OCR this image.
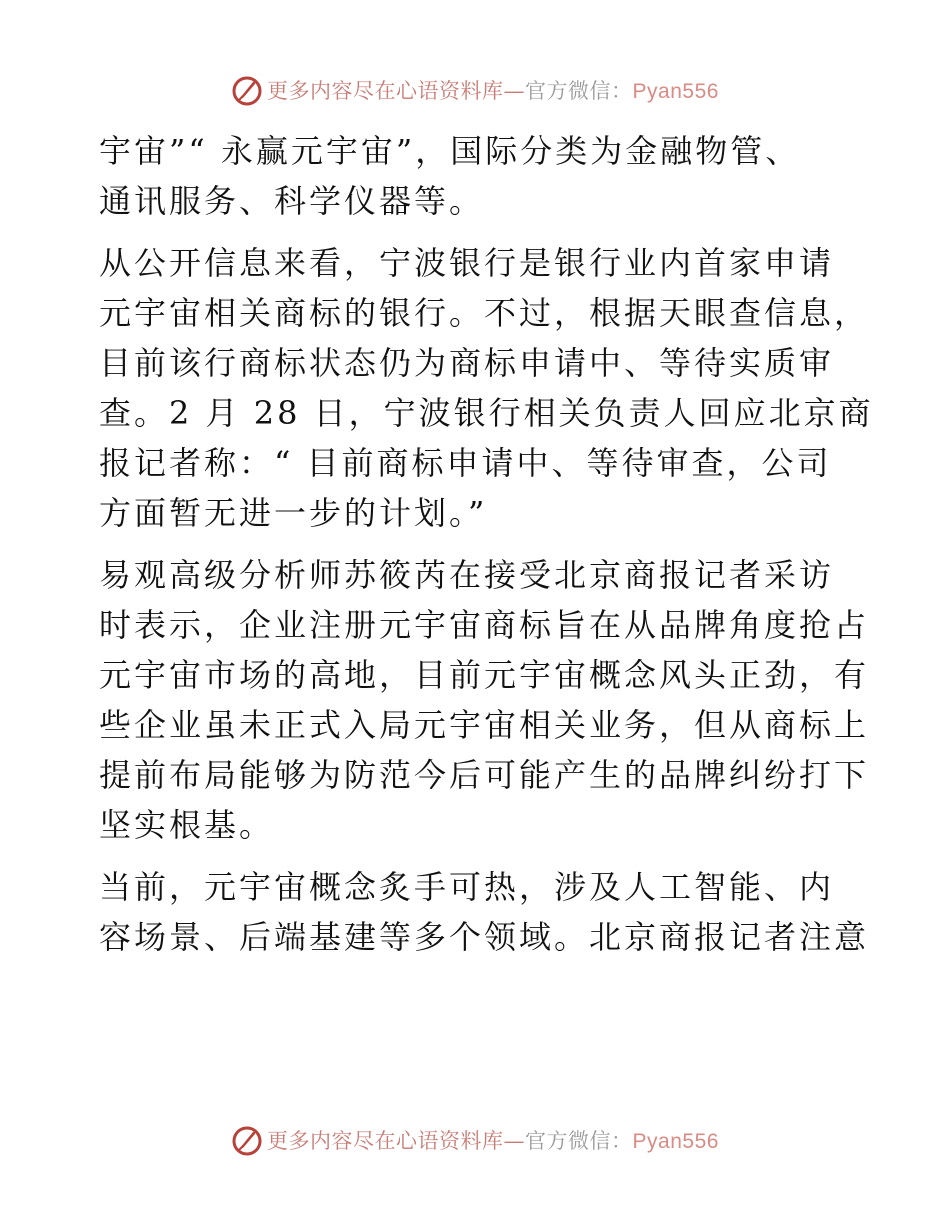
更多内容尽在心语资料库—官方微信：Pyan556

宇宙”“ 永赢元宇宙”，国际分类为金融物管、

通讯服务、科学仪器等。

从公开信息来看，宁波银行是银行业内首家申请

元宇宙相关商标的银行。不过，根据天眼查信息，

目前该行商标状态仍为商标申请中、等待实质审

查。2 月 28 日，宁波银行相关负责人回应北京商

报记者称：“ 目前商标申请中、等待审查，公司

方面暂无进一步的计划。”

易观高级分析师苏筱芮在接受北京商报记者采访

时表示，企业注册元宇宙商标旨在从品牌角度抢占

元宇宙市场的高地，目前元宇宙概念风头正劲，有

些企业虽未正式入局元宇宙相关业务，但从商标上

提前布局能够为防范今后可能产生的品牌纠纷打下

坚实根基。

当前，元宇宙概念炙手可热，涉及人工智能、内

容场景、后端基建等多个领域。北京商报记者注意

更多内容尽在心语资料库—官方微信：Pyan556
